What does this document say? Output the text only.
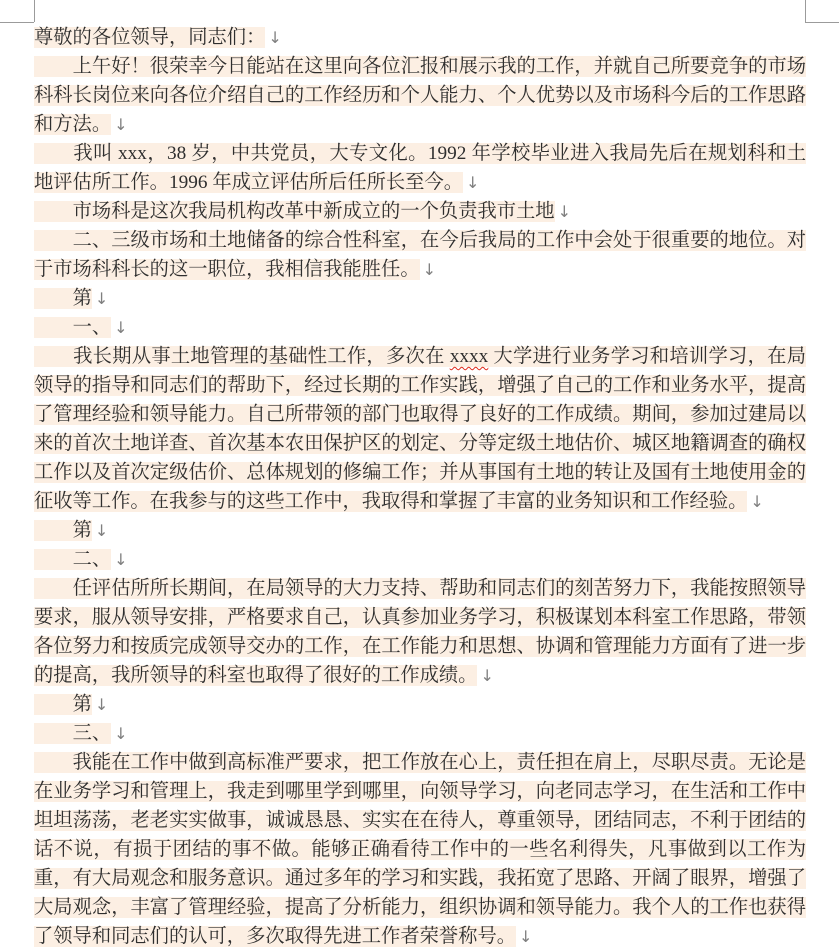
尊敬的各位领导，同志们： ↓

　　上午好！很荣幸今日能站在这里向各位汇报和展示我的工作，并就自己所要竞争的市场科科长岗位来向各位介绍自己的工作经历和个人能力、个人优势以及市场科今后的工作思路和方法。 ↓

　　我叫 xxx，38 岁，中共党员，大专文化。1992 年学校毕业进入我局先后在规划科和土地评估所工作。1996 年成立评估所后任所长至今。 ↓

　　市场科是这次我局机构改革中新成立的一个负责我市土地 ↓

　　二、三级市场和土地储备的综合性科室，在今后我局的工作中会处于很重要的地位。对于市场科科长的这一职位，我相信我能胜任。 ↓

　　第 ↓

　　一、 ↓

　　我长期从事土地管理的基础性工作，多次在 xxxx 大学进行业务学习和培训学习，在局领导的指导和同志们的帮助下，经过长期的工作实践，增强了自己的工作和业务水平，提高了管理经验和领导能力。自己所带领的部门也取得了良好的工作成绩。期间，参加过建局以来的首次土地详查、首次基本农田保护区的划定、分等定级土地估价、城区地籍调查的确权工作以及首次定级估价、总体规划的修编工作；并从事国有土地的转让及国有土地使用金的征收等工作。在我参与的这些工作中，我取得和掌握了丰富的业务知识和工作经验。 ↓

　　第 ↓

　　二、 ↓

　　任评估所所长期间，在局领导的大力支持、帮助和同志们的刻苦努力下，我能按照领导要求，服从领导安排，严格要求自己，认真参加业务学习，积极谋划本科室工作思路，带领各位努力和按质完成领导交办的工作，在工作能力和思想、协调和管理能力方面有了进一步的提高，我所领导的科室也取得了很好的工作成绩。 ↓

　　第 ↓

　　三、 ↓

　　我能在工作中做到高标准严要求，把工作放在心上，责任担在肩上，尽职尽责。无论是在业务学习和管理上，我走到哪里学到哪里，向领导学习，向老同志学习，在生活和工作中坦坦荡荡，老老实实做事，诚诚恳恳、实实在在待人，尊重领导，团结同志，不利于团结的话不说，有损于团结的事不做。能够正确看待工作中的一些名利得失，凡事做到以工作为重，有大局观念和服务意识。通过多年的学习和实践，我拓宽了思路、开阔了眼界，增强了大局观念，丰富了管理经验，提高了分析能力，组织协调和领导能力。我个人的工作也获得了领导和同志们的认可，多次取得先进工作者荣誉称号。 ↓
